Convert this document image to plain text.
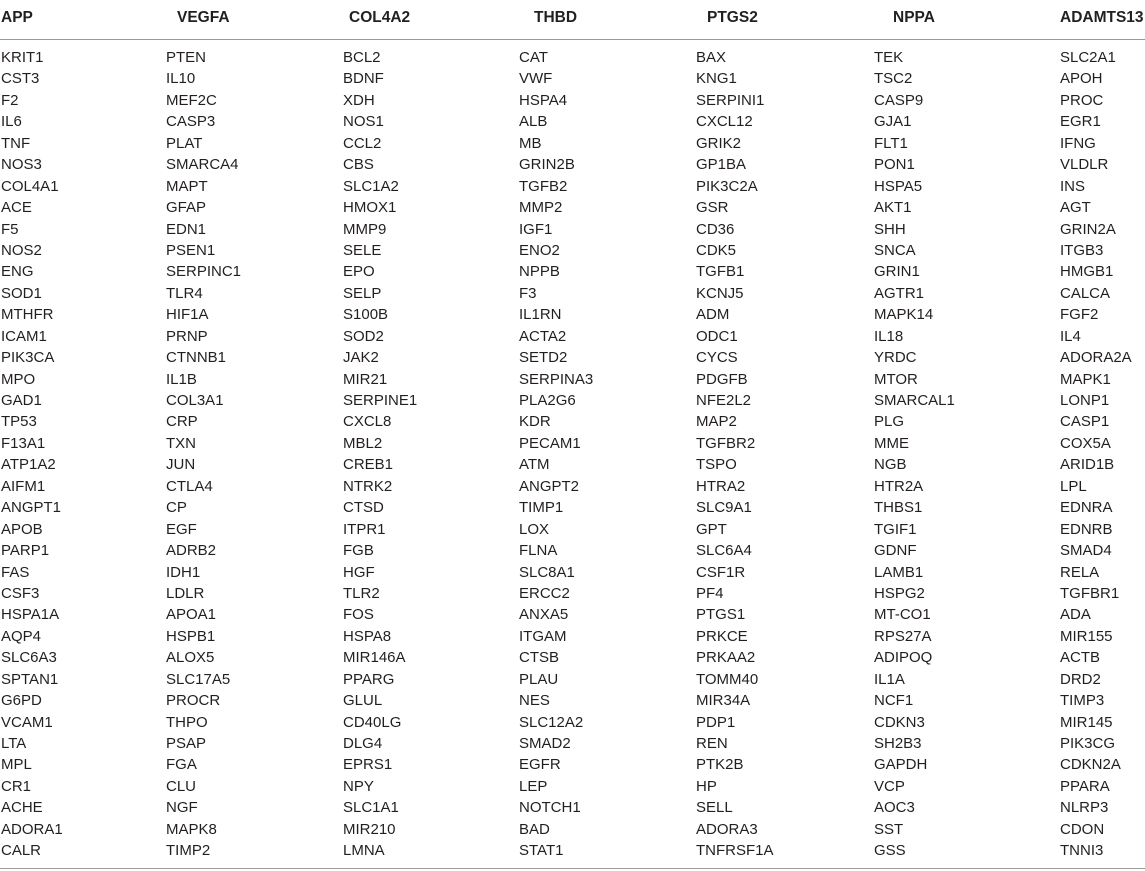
APP	VEGFA	COL4A2	THBD	PTGS2	NPPA	ADAMTS13
KRIT1	PTEN	BCL2	CAT	BAX	TEK	SLC2A1
CST3	IL10	BDNF	VWF	KNG1	TSC2	APOH
F2	MEF2C	XDH	HSPA4	SERPINI1	CASP9	PROC
IL6	CASP3	NOS1	ALB	CXCL12	GJA1	EGR1
TNF	PLAT	CCL2	MB	GRIK2	FLT1	IFNG
NOS3	SMARCA4	CBS	GRIN2B	GP1BA	PON1	VLDLR
COL4A1	MAPT	SLC1A2	TGFB2	PIK3C2A	HSPA5	INS
ACE	GFAP	HMOX1	MMP2	GSR	AKT1	AGT
F5	EDN1	MMP9	IGF1	CD36	SHH	GRIN2A
NOS2	PSEN1	SELE	ENO2	CDK5	SNCA	ITGB3
ENG	SERPINC1	EPO	NPPB	TGFB1	GRIN1	HMGB1
SOD1	TLR4	SELP	F3	KCNJ5	AGTR1	CALCA
MTHFR	HIF1A	S100B	IL1RN	ADM	MAPK14	FGF2
ICAM1	PRNP	SOD2	ACTA2	ODC1	IL18	IL4
PIK3CA	CTNNB1	JAK2	SETD2	CYCS	YRDC	ADORA2A
MPO	IL1B	MIR21	SERPINA3	PDGFB	MTOR	MAPK1
GAD1	COL3A1	SERPINE1	PLA2G6	NFE2L2	SMARCAL1	LONP1
TP53	CRP	CXCL8	KDR	MAP2	PLG	CASP1
F13A1	TXN	MBL2	PECAM1	TGFBR2	MME	COX5A
ATP1A2	JUN	CREB1	ATM	TSPO	NGB	ARID1B
AIFM1	CTLA4	NTRK2	ANGPT2	HTRA2	HTR2A	LPL
ANGPT1	CP	CTSD	TIMP1	SLC9A1	THBS1	EDNRA
APOB	EGF	ITPR1	LOX	GPT	TGIF1	EDNRB
PARP1	ADRB2	FGB	FLNA	SLC6A4	GDNF	SMAD4
FAS	IDH1	HGF	SLC8A1	CSF1R	LAMB1	RELA
CSF3	LDLR	TLR2	ERCC2	PF4	HSPG2	TGFBR1
HSPA1A	APOA1	FOS	ANXA5	PTGS1	MT-CO1	ADA
AQP4	HSPB1	HSPA8	ITGAM	PRKCE	RPS27A	MIR155
SLC6A3	ALOX5	MIR146A	CTSB	PRKAA2	ADIPOQ	ACTB
SPTAN1	SLC17A5	PPARG	PLAU	TOMM40	IL1A	DRD2
G6PD	PROCR	GLUL	NES	MIR34A	NCF1	TIMP3
VCAM1	THPO	CD40LG	SLC12A2	PDP1	CDKN3	MIR145
LTA	PSAP	DLG4	SMAD2	REN	SH2B3	PIK3CG
MPL	FGA	EPRS1	EGFR	PTK2B	GAPDH	CDKN2A
CR1	CLU	NPY	LEP	HP	VCP	PPARA
ACHE	NGF	SLC1A1	NOTCH1	SELL	AOC3	NLRP3
ADORA1	MAPK8	MIR210	BAD	ADORA3	SST	CDON
CALR	TIMP2	LMNA	STAT1	TNFRSF1A	GSS	TNNI3
